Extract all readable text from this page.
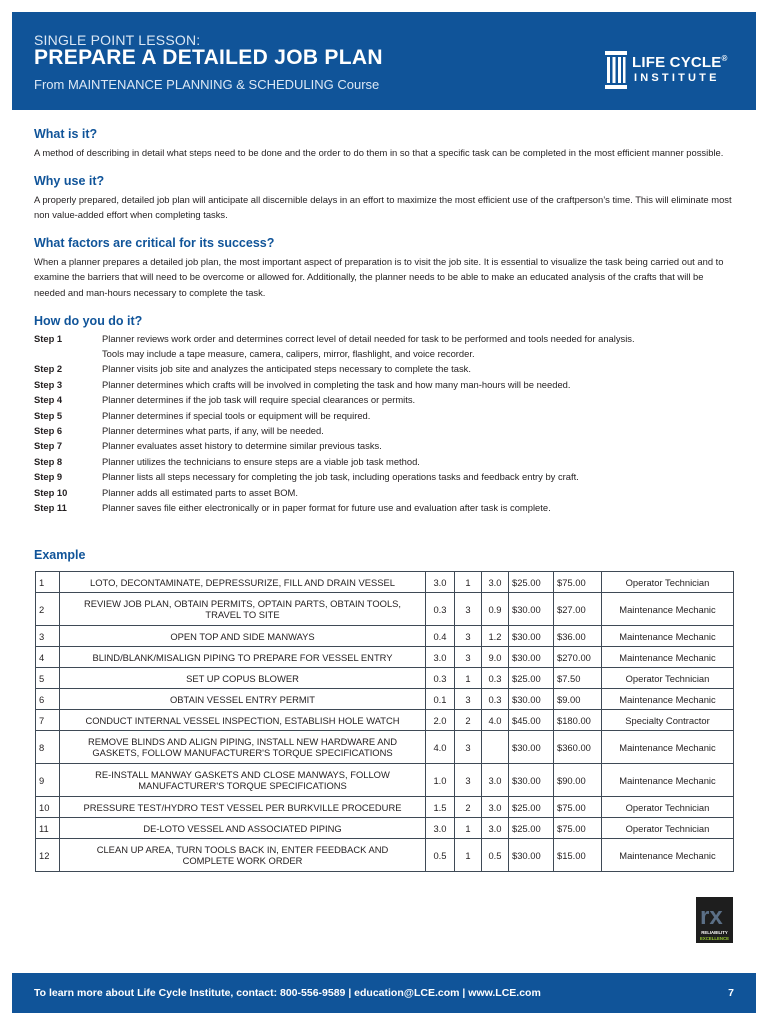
SINGLE POINT LESSON:
PREPARE A DETAILED JOB PLAN
From MAINTENANCE PLANNING & SCHEDULING Course
LIFE CYCLE®
INSTITUTE
What is it?

A method of describing in detail what steps need to be done and the order to do them in so that a specific task can be completed in the most efficient manner possible.

Why use it?

A properly prepared, detailed job plan will anticipate all discernible delays in an effort to maximize the most efficient use of the craftperson’s time. This will eliminate most non value-added effort when completing tasks.

What factors are critical for its success?

When a planner prepares a detailed job plan, the most important aspect of preparation is to visit the job site. It is essential to visualize the task being carried out and to examine the barriers that will need to be overcome or allowed for. Additionally, the planner needs to be able to make an educated analysis of the crafts that will be needed and man-hours necessary to complete the task.

How do you do it?
Step 1	Planner reviews work order and determines correct level of detail needed for task to be performed and tools needed for analysis.
Tools may include a tape measure, camera, calipers, mirror, flashlight, and voice recorder.
Step 2	Planner visits job site and analyzes the anticipated steps necessary to complete the task.
Step 3	Planner determines which crafts will be involved in completing the task and how many man-hours will be needed.
Step 4	Planner determines if the job task will require special clearances or permits.
Step 5	Planner determines if special tools or equipment will be required.
Step 6	Planner determines what parts, if any, will be needed.
Step 7	Planner evaluates asset history to determine similar previous tasks.
Step 8	Planner utilizes the technicians to ensure steps are a viable job task method.
Step 9	Planner lists all steps necessary for completing the job task, including operations tasks and feedback entry by craft.
Step 10	Planner adds all estimated parts to asset BOM.
Step 11	Planner saves file either electronically or in paper format for future use and evaluation after task is complete.
Example
1	LOTO, DECONTAMINATE, DEPRESSURIZE, FILL AND DRAIN VESSEL	3.0	1	3.0	$25.00	$75.00	Operator Technician
2	REVIEW JOB PLAN, OBTAIN PERMITS, OPTAIN PARTS, OBTAIN TOOLS, TRAVEL TO SITE	0.3	3	0.9	$30.00	$27.00	Maintenance Mechanic
3	OPEN TOP AND SIDE MANWAYS	0.4	3	1.2	$30.00	$36.00	Maintenance Mechanic
4	BLIND/BLANK/MISALIGN PIPING TO PREPARE FOR VESSEL ENTRY	3.0	3	9.0	$30.00	$270.00	Maintenance Mechanic
5	SET UP COPUS BLOWER	0.3	1	0.3	$25.00	$7.50	Operator Technician
6	OBTAIN VESSEL ENTRY PERMIT	0.1	3	0.3	$30.00	$9.00	Maintenance Mechanic
7	CONDUCT INTERNAL VESSEL INSPECTION, ESTABLISH HOLE WATCH	2.0	2	4.0	$45.00	$180.00	Specialty Contractor
8	REMOVE BLINDS AND ALIGN PIPING, INSTALL NEW HARDWARE AND GASKETS, FOLLOW MANUFACTURER'S TORQUE SPECIFICATIONS	4.0	3		$30.00	$360.00	Maintenance Mechanic
9	RE-INSTALL MANWAY GASKETS AND CLOSE MANWAYS, FOLLOW MANUFACTURER'S TORQUE SPECIFICATIONS	1.0	3	3.0	$30.00	$90.00	Maintenance Mechanic
10	PRESSURE TEST/HYDRO TEST VESSEL PER BURKVILLE PROCEDURE	1.5	2	3.0	$25.00	$75.00	Operator Technician
11	DE-LOTO VESSEL AND ASSOCIATED PIPING	3.0	1	3.0	$25.00	$75.00	Operator Technician
12	CLEAN UP AREA, TURN TOOLS BACK IN, ENTER FEEDBACK AND COMPLETE WORK ORDER	0.5	1	0.5	$30.00	$15.00	Maintenance Mechanic
rx
RELIABILITY
EXCELLENCE
To learn more about Life Cycle Institute, contact: 800-556-9589 | education@LCE.com | www.LCE.com	7
